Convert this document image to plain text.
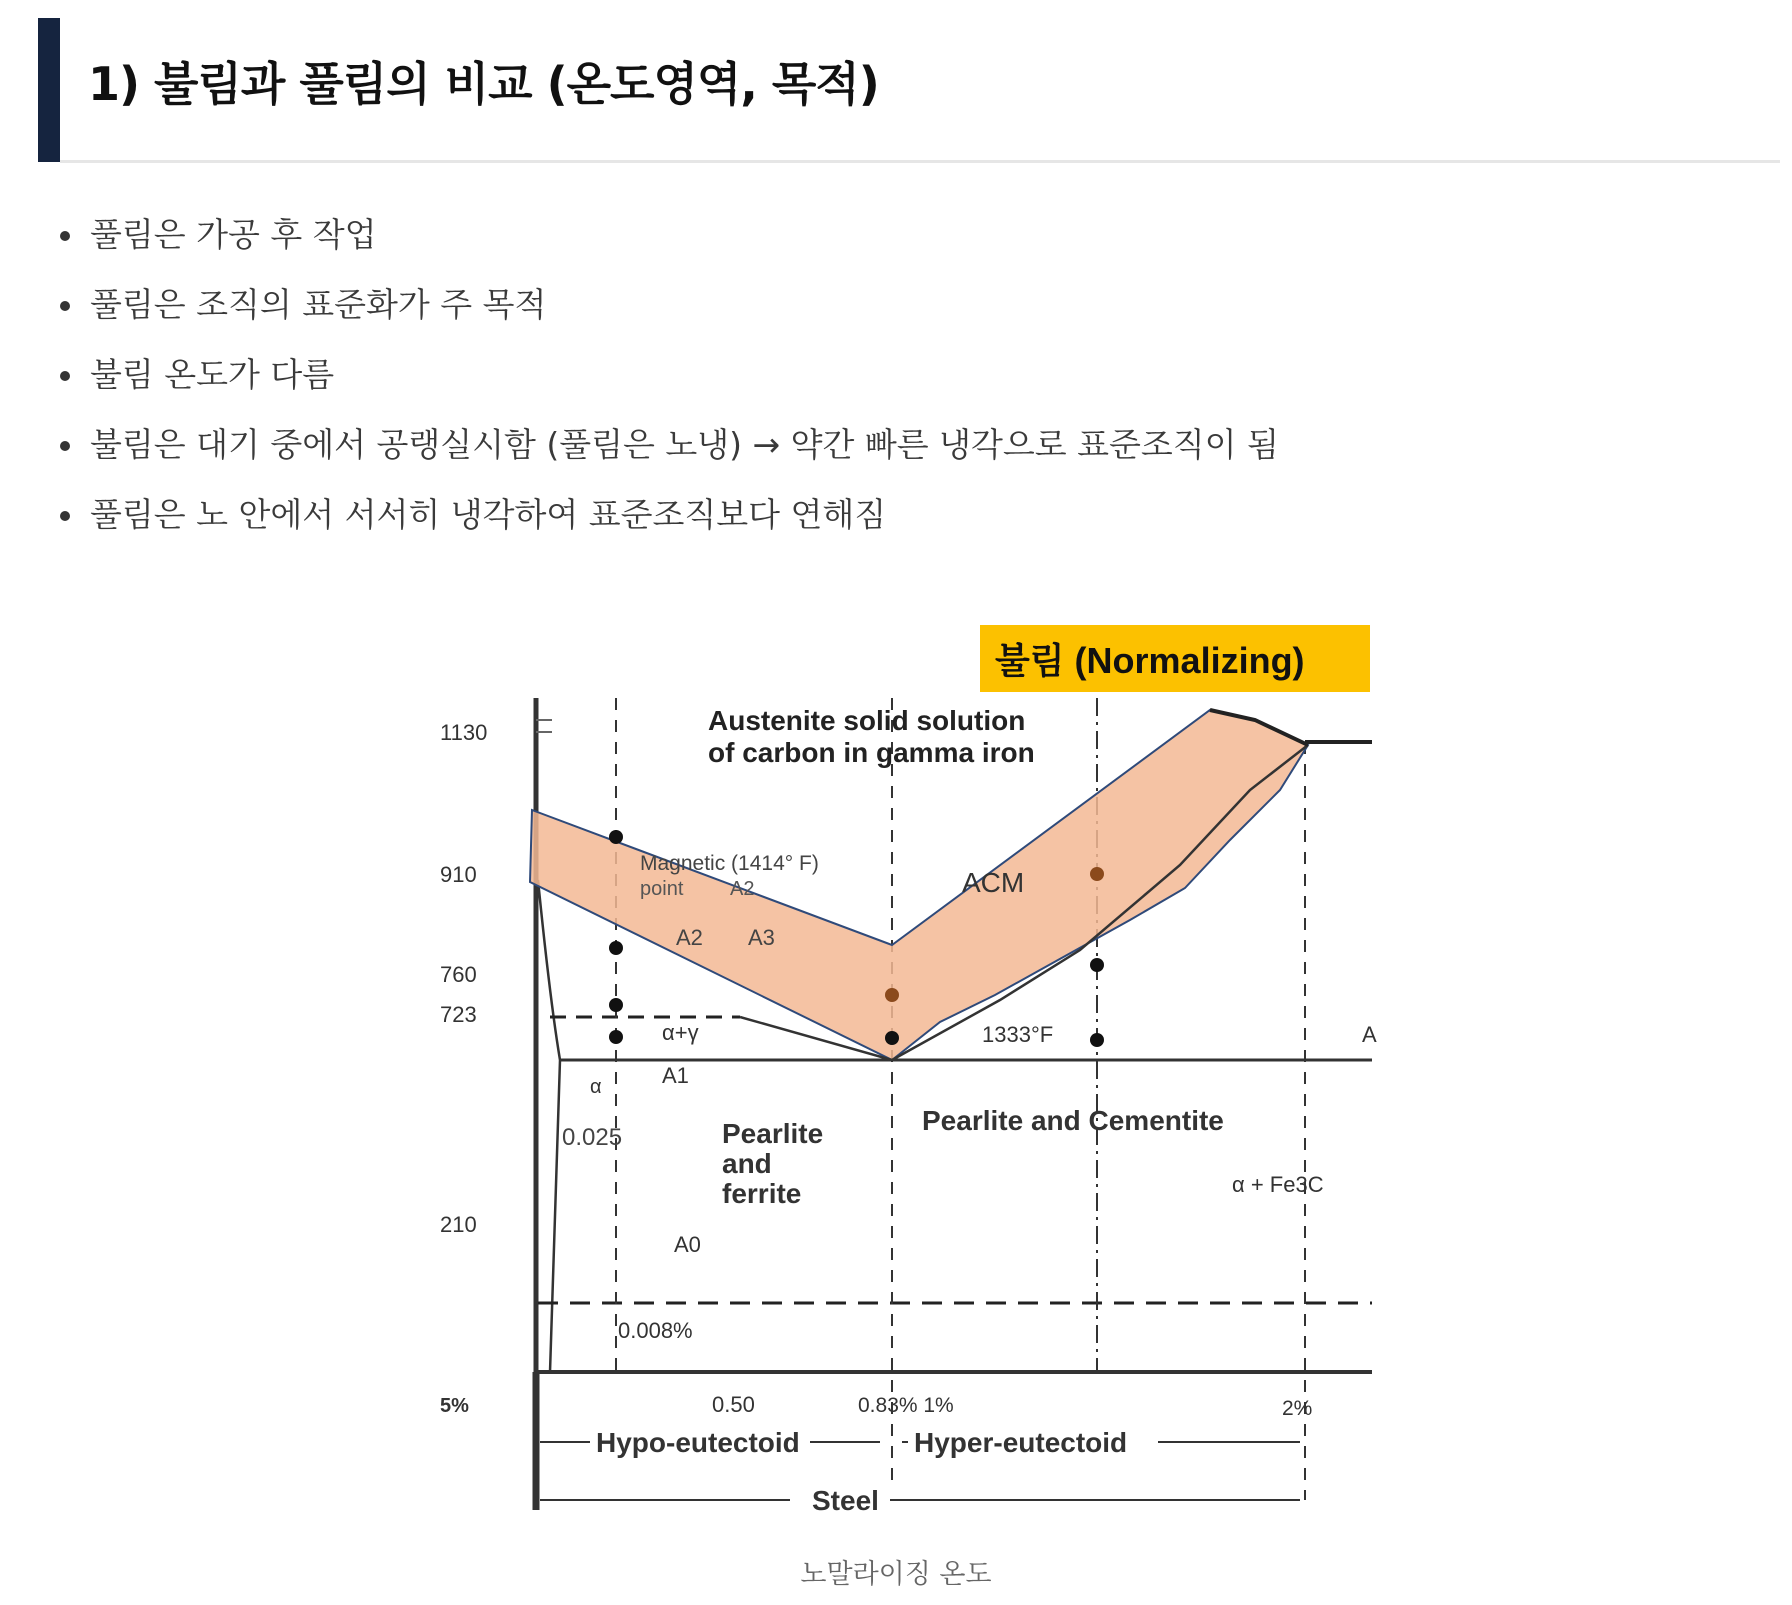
1) 불림과 풀림의 비교 (온도영역, 목적)
풀림은 가공 후 작업
풀림은 조직의 표준화가 주 목적
불림 온도가 다름
불림은 대기 중에서 공랭실시함 (풀림은 노냉) → 약간 빠른 냉각으로 표준조직이 됨
풀림은 노 안에서 서서히 냉각하여 표준조직보다 연해짐
불림 (Normalizing)
1130
910
760
723
210
5%	0.50	0.83% 1%	2%
Austenite solid solution
of carbon in gamma iron
Magnetic (1414° F)
point A2
A2 A3
ACM
α+γ	1333°F
A1
α
0.025	Pearlite
and
ferrite
Pearlite and Cementite
α + Fe3C
A0
0.008%
A
Hypo-eutectoid	Hyper-eutectoid
Steel
노말라이징 온도
